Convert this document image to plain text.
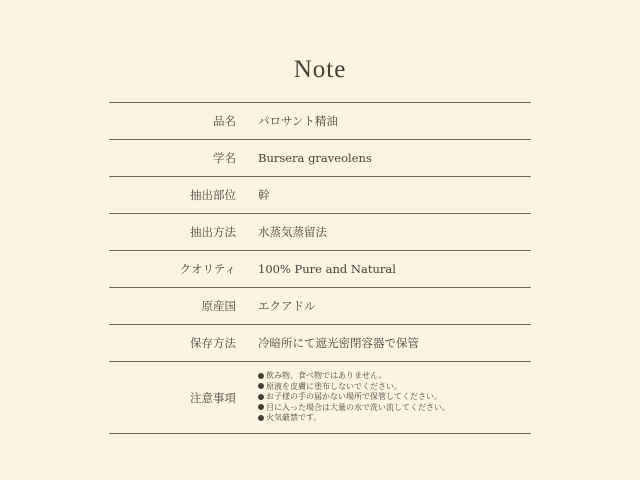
Note
品名 パロサント精油
学名 Bursera graveolens
抽出部位 幹
抽出方法 水蒸気蒸留法
クオリティ 100% Pure and Natural
原産国 エクアドル
保存方法 冷暗所にて遮光密閉容器で保管
注意事項
飲み物、食べ物ではありません。
原液を皮膚に塗布しないでください。
お子様の手の届かない場所で保管してください。
目に入った場合は大量の水で洗い流してください。
火気厳禁です。
